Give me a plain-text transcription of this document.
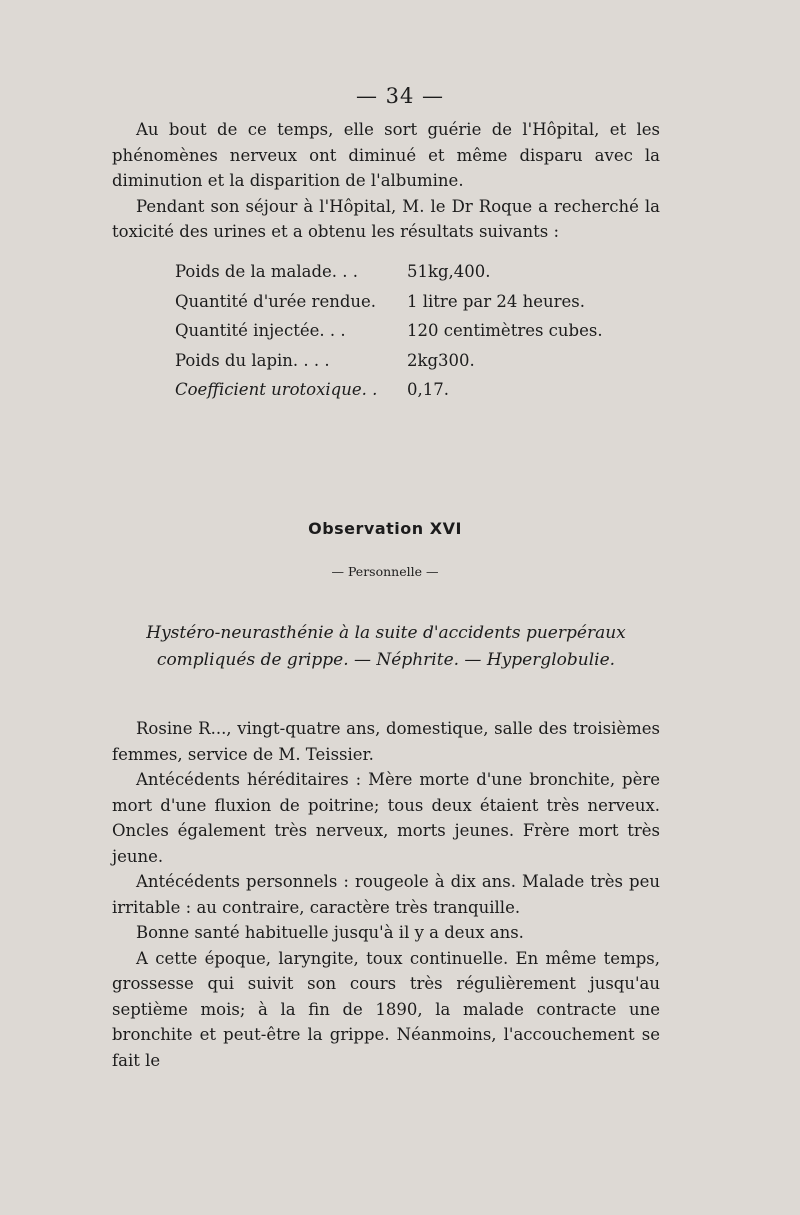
— 34 —

Au bout de ce temps, elle sort guérie de l'Hôpital, et les phénomènes nerveux ont diminué et même disparu avec la diminution et la disparition de l'albumine.

Pendant son séjour à l'Hôpital, M. le Dr Roque a recherché la toxicité des urines et a obtenu les résultats suivants :

Poids de la malade. . .	51kg,400.
Quantité d'urée rendue.	1 litre par 24 heures.
Quantité injectée. . .	120 centimètres cubes.
Poids du lapin. . . .	2kg300.
Coefficient urotoxique. .	0,17.
Observation XVI
— Personnelle —
Hystéro-neurasthénie à la suite d'accidents puerpéraux
compliqués de grippe. — Néphrite. — Hyperglobulie.

Rosine R..., vingt-quatre ans, domestique, salle des troisièmes femmes, service de M. Teissier.

Antécédents héréditaires : Mère morte d'une bronchite, père mort d'une fluxion de poitrine; tous deux étaient très nerveux. Oncles également très nerveux, morts jeunes. Frère mort très jeune.

Antécédents personnels : rougeole à dix ans. Malade très peu irritable : au contraire, caractère très tranquille.

Bonne santé habituelle jusqu'à il y a deux ans.

A cette époque, laryngite, toux continuelle. En même temps, grossesse qui suivit son cours très régulièrement jusqu'au septième mois; à la fin de 1890, la malade contracte une bronchite et peut-être la grippe. Néanmoins, l'accouchement se fait le
